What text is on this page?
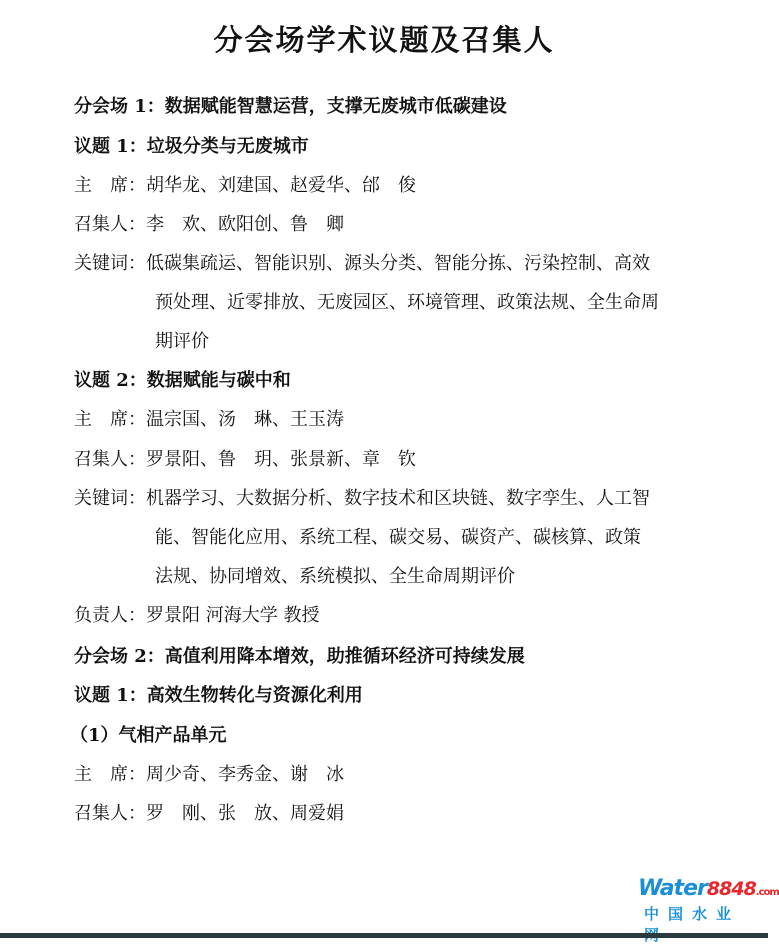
分会场学术议题及召集人
分会场 1：数据赋能智慧运营，支撑无废城市低碳建设
议题 1：垃圾分类与无废城市
主　席：胡华龙、刘建国、赵爱华、邰　俊
召集人：李　欢、欧阳创、鲁　卿
关键词：低碳集疏运、智能识别、源头分类、智能分拣、污染控制、高效
预处理、近零排放、无废园区、环境管理、政策法规、全生命周
期评价
议题 2：数据赋能与碳中和
主　席：温宗国、汤　琳、王玉涛
召集人：罗景阳、鲁　玥、张景新、章　钦
关键词：机器学习、大数据分析、数字技术和区块链、数字孪生、人工智
能、智能化应用、系统工程、碳交易、碳资产、碳核算、政策
法规、协同增效、系统模拟、全生命周期评价
负责人：罗景阳 河海大学 教授
分会场 2：高值利用降本增效，助推循环经济可持续发展
议题 1：高效生物转化与资源化利用
（1）气相产品单元
主　席：周少奇、李秀金、谢　冰
召集人：罗　刚、张　放、周爱娟
Water8848.com
中国水业
